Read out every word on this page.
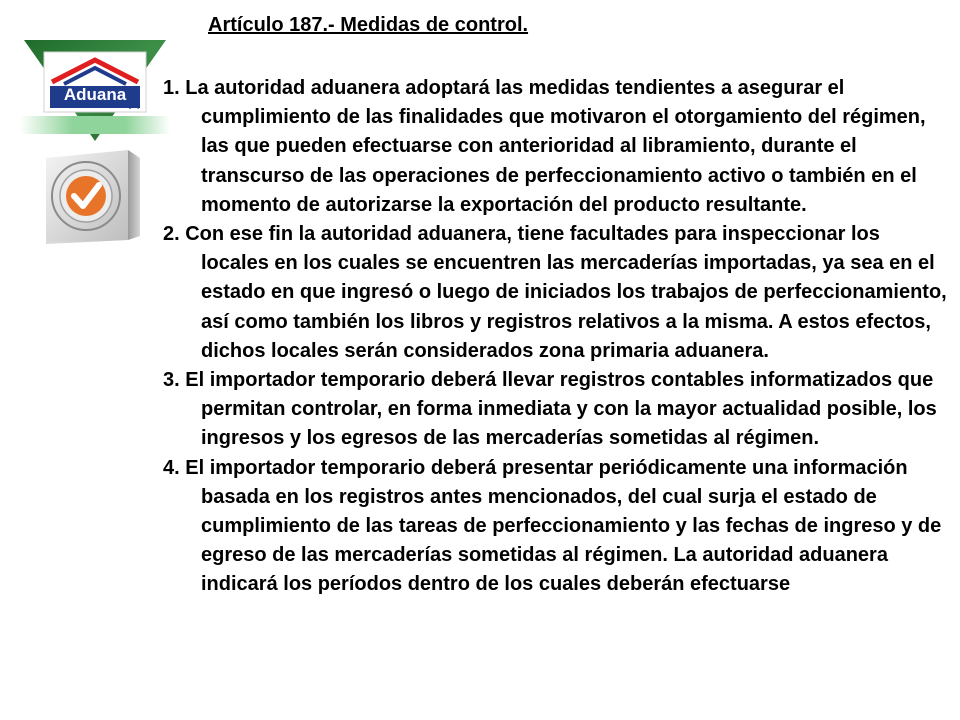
Aduana
Paraguay
Artículo 187.- Medidas de control.
1. La autoridad aduanera adoptará las medidas tendientes a asegurar el cumplimiento de las finalidades que motivaron el otorgamiento del régimen, las que pueden efectuarse con anterioridad al libramiento, durante el transcurso de las operaciones de perfeccionamiento activo o también en el momento de autorizarse la exportación del producto resultante.
2. Con ese fin la autoridad aduanera, tiene facultades para inspeccionar los locales en los cuales se encuentren las mercaderías importadas, ya sea en el estado en que ingresó o luego de iniciados los trabajos de perfeccionamiento, así como también los libros y registros relativos a la misma. A estos efectos, dichos locales serán considerados zona primaria aduanera.
3. El importador temporario deberá llevar registros contables informatizados que permitan controlar, en forma inmediata y con la mayor actualidad posible, los ingresos y los egresos de las mercaderías sometidas al régimen.
4. El importador temporario deberá presentar periódicamente una información basada en los registros antes mencionados, del cual surja el estado de cumplimiento de las tareas de perfeccionamiento y las fechas de ingreso y de egreso de las mercaderías sometidas al régimen. La autoridad aduanera indicará los períodos dentro de los cuales deberán efectuarse
